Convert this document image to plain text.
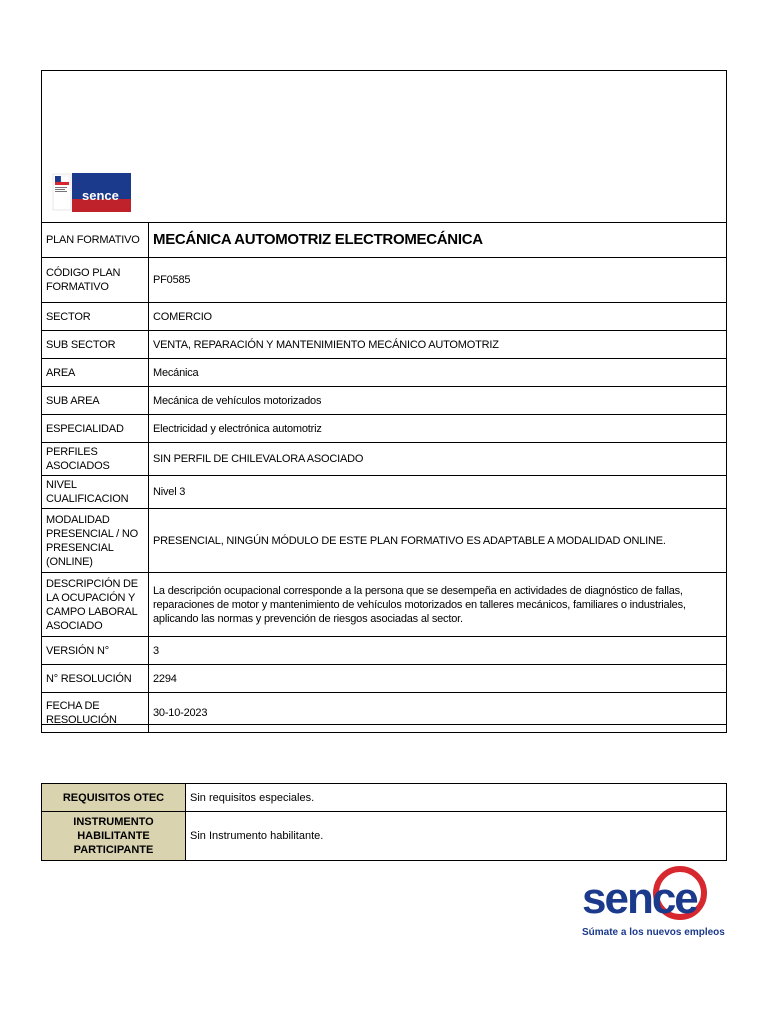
sence
PLAN FORMATIVO	MECÁNICA AUTOMOTRIZ ELECTROMECÁNICA
CÓDIGO PLAN FORMATIVO	PF0585
SECTOR	COMERCIO
SUB SECTOR	VENTA, REPARACIÓN Y MANTENIMIENTO MECÁNICO AUTOMOTRIZ
AREA	Mecánica
SUB AREA	Mecánica de vehículos motorizados
ESPECIALIDAD	Electricidad y electrónica automotriz
PERFILES ASOCIADOS	SIN PERFIL DE CHILEVALORA ASOCIADO
NIVEL CUALIFICACION	Nivel 3
MODALIDAD PRESENCIAL / NO PRESENCIAL (ONLINE)	PRESENCIAL, NINGÚN MÓDULO DE ESTE PLAN FORMATIVO ES ADAPTABLE A MODALIDAD ONLINE.
DESCRIPCIÓN DE LA OCUPACIÓN Y CAMPO LABORAL ASOCIADO	La descripción ocupacional corresponde a la persona que se desempeña en actividades de diagnóstico de fallas, reparaciones de motor y mantenimiento de vehículos motorizados en talleres mecánicos, familiares o industriales, aplicando las normas y prevención de riesgos asociadas al sector.
VERSIÓN N°	3
N° RESOLUCIÓN	2294
FECHA DE RESOLUCIÓN	30-10-2023
REQUISITOS OTEC	Sin requisitos especiales.
INSTRUMENTO HABILITANTE PARTICIPANTE	Sin Instrumento habilitante.
sence
Súmate a los nuevos empleos
